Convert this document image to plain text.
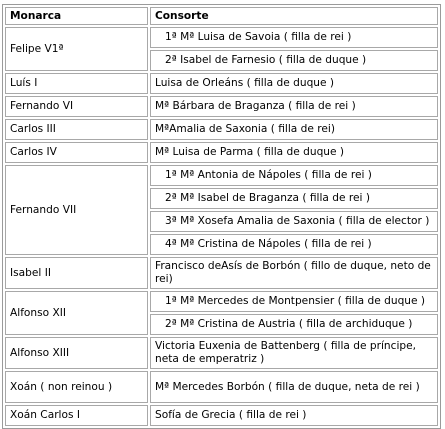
Monarca	Consorte
Felipe V1ª	1ª Mª Luisa de Savoia ( filla de rei )
	2ª Isabel de Farnesio ( filla de duque )
Luís I	Luisa de Orleáns ( filla de duque )
Fernando VI	Mª Bárbara de Braganza ( filla de rei )
Carlos III	MªAmalia de Saxonia ( filla de rei)
Carlos IV	Mª Luisa de Parma ( filla de duque )
Fernando VII	1ª Mª Antonia de Nápoles ( filla de rei )
	2ª Mª Isabel de Braganza ( filla de rei )
	3ª Mª Xosefa Amalia de Saxonia ( filla de elector )
	4ª Mª Cristina de Nápoles ( filla de rei )
Isabel II	Francisco deAsís de Borbón ( fillo de duque, neto de rei)
Alfonso XII	1ª Mª Mercedes de Montpensier ( filla de duque )
	2ª Mª Cristina de Austria ( filla de archiduque )
Alfonso XIII	Victoria Euxenia de Battenberg ( filla de príncipe, neta de emperatriz )
Xoán ( non reinou )	Mª Mercedes Borbón ( filla de duque, neta de rei )
Xoán Carlos I	Sofía de Grecia ( filla de rei )
